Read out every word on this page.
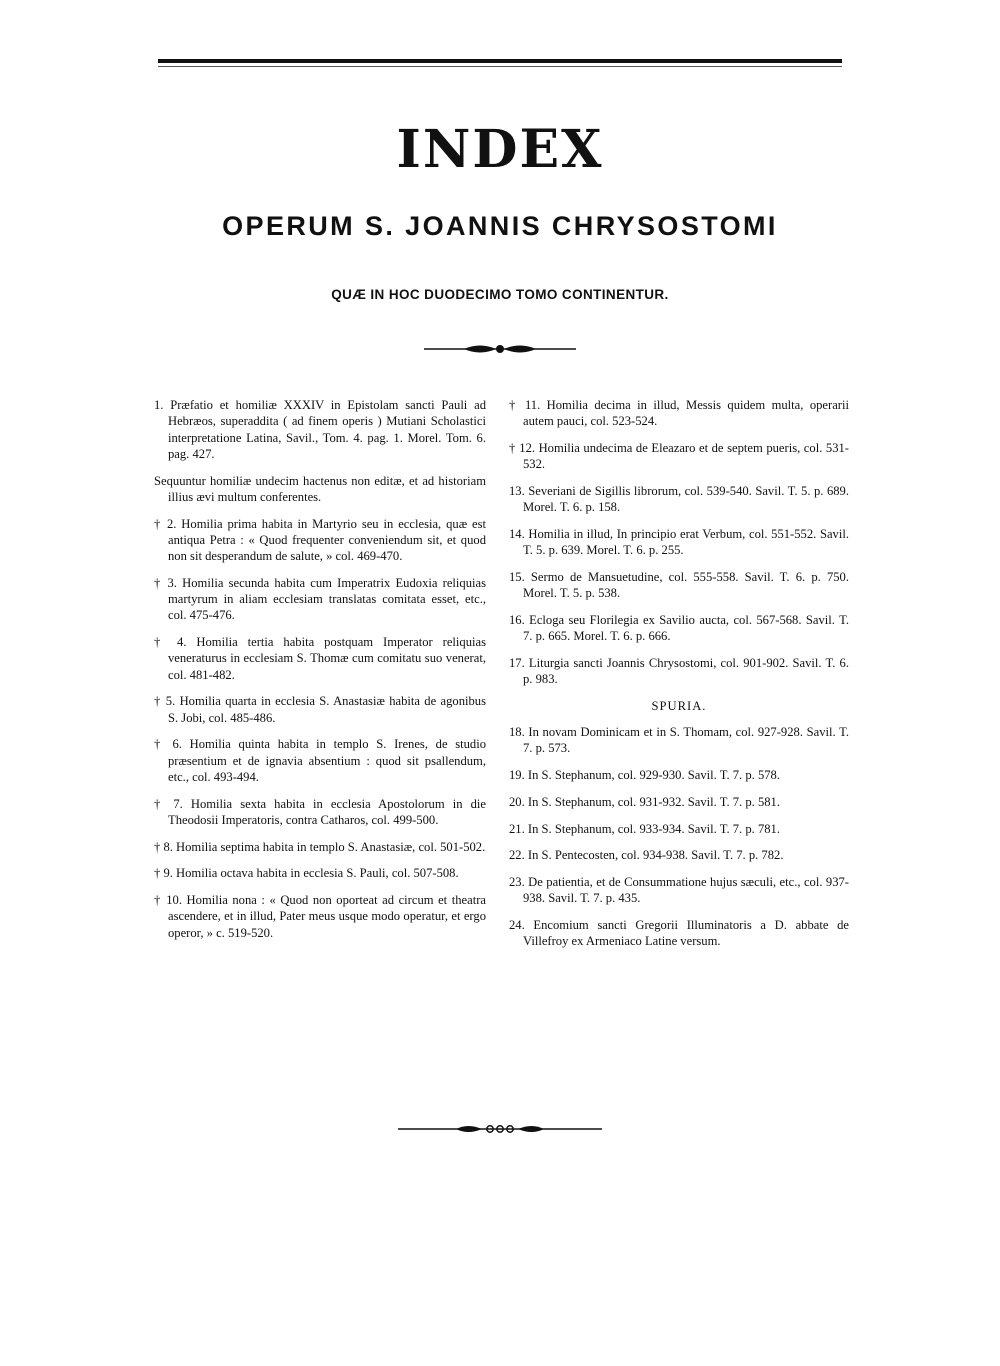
INDEX
OPERUM S. JOANNIS CHRYSOSTOMI
QUÆ IN HOC DUODECIMO TOMO CONTINENTUR.

1. Præfatio et homiliæ XXXIV in Epistolam sancti Pauli ad Hebræos, superaddita ( ad finem operis ) Mutiani Scholastici interpretatione Latina, Savil., Tom. 4. pag. 1. Morel. Tom. 6. pag. 427.

Sequuntur homiliæ undecim hactenus non editæ, et ad historiam illius ævi multum conferentes.

† 2. Homilia prima habita in Martyrio seu in ecclesia, quæ est antiqua Petra : « Quod frequenter conveniendum sit, et quod non sit desperandum de salute, » col. 469-470.

† 3. Homilia secunda habita cum Imperatrix Eudoxia reliquias martyrum in aliam ecclesiam translatas comitata esset, etc., col. 475-476.

† 4. Homilia tertia habita postquam Imperator reliquias veneraturus in ecclesiam S. Thomæ cum comitatu suo venerat, col. 481-482.

† 5. Homilia quarta in ecclesia S. Anastasiæ habita de agonibus S. Jobi, col. 485-486.

† 6. Homilia quinta habita in templo S. Irenes, de studio præsentium et de ignavia absentium : quod sit psallendum, etc., col. 493-494.

† 7. Homilia sexta habita in ecclesia Apostolorum in die Theodosii Imperatoris, contra Catharos, col. 499-500.

† 8. Homilia septima habita in templo S. Anastasiæ, col. 501-502.

† 9. Homilia octava habita in ecclesia S. Pauli, col. 507-508.

† 10. Homilia nona : « Quod non oporteat ad circum et theatra ascendere, et in illud, Pater meus usque modo operatur, et ergo operor, » c. 519-520.

† 11. Homilia decima in illud, Messis quidem multa, operarii autem pauci, col. 523-524.

† 12. Homilia undecima de Eleazaro et de septem pueris, col. 531-532.

13. Severiani de Sigillis librorum, col. 539-540. Savil. T. 5. p. 689. Morel. T. 6. p. 158.

14. Homilia in illud, In principio erat Verbum, col. 551-552. Savil. T. 5. p. 639. Morel. T. 6. p. 255.

15. Sermo de Mansuetudine, col. 555-558. Savil. T. 6. p. 750. Morel. T. 5. p. 538.

16. Ecloga seu Florilegia ex Savilio aucta, col. 567-568. Savil. T. 7. p. 665. Morel. T. 6. p. 666.

17. Liturgia sancti Joannis Chrysostomi, col. 901-902. Savil. T. 6. p. 983.

SPURIA.

18. In novam Dominicam et in S. Thomam, col. 927-928. Savil. T. 7. p. 573.

19. In S. Stephanum, col. 929-930. Savil. T. 7. p. 578.

20. In S. Stephanum, col. 931-932. Savil. T. 7. p. 581.

21. In S. Stephanum, col. 933-934. Savil. T. 7. p. 781.

22. In S. Pentecosten, col. 934-938. Savil. T. 7. p. 782.

23. De patientia, et de Consummatione hujus sæculi, etc., col. 937-938. Savil. T. 7. p. 435.

24. Encomium sancti Gregorii Illuminatoris a D. abbate de Villefroy ex Armeniaco Latine versum.
